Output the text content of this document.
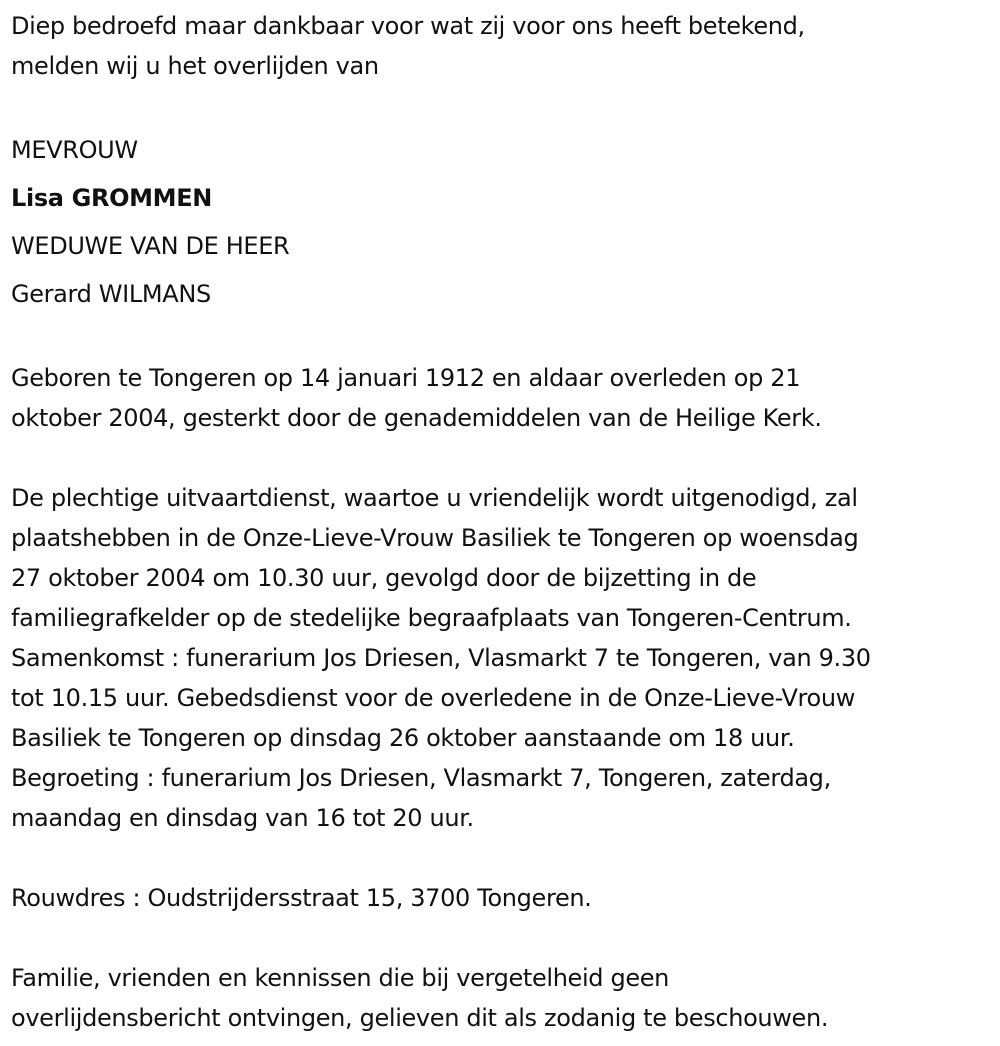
Diep bedroefd maar dankbaar voor wat zij voor ons heeft betekend,
melden wij u het overlijden van
MEVROUW
Lisa GROMMEN
WEDUWE VAN DE HEER
Gerard WILMANS
Geboren te Tongeren op 14 januari 1912 en aldaar overleden op 21
oktober 2004, gesterkt door de genademiddelen van de Heilige Kerk.
De plechtige uitvaartdienst, waartoe u vriendelijk wordt uitgenodigd, zal
plaatshebben in de Onze-Lieve-Vrouw Basiliek te Tongeren op woensdag
27 oktober 2004 om 10.30 uur, gevolgd door de bijzetting in de
familiegrafkelder op de stedelijke begraafplaats van Tongeren-Centrum.
Samenkomst : funerarium Jos Driesen, Vlasmarkt 7 te Tongeren, van 9.30
tot 10.15 uur. Gebedsdienst voor de overledene in de Onze-Lieve-Vrouw
Basiliek te Tongeren op dinsdag 26 oktober aanstaande om 18 uur.
Begroeting : funerarium Jos Driesen, Vlasmarkt 7, Tongeren, zaterdag,
maandag en dinsdag van 16 tot 20 uur.
Rouwdres : Oudstrijdersstraat 15, 3700 Tongeren.
Familie, vrienden en kennissen die bij vergetelheid geen
overlijdensbericht ontvingen, gelieven dit als zodanig te beschouwen.
